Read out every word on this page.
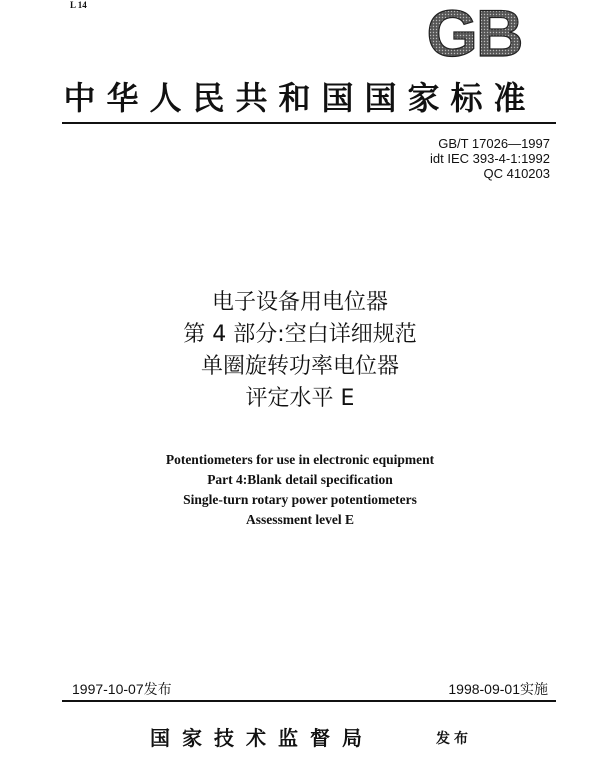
L 14	GB
中华人民共和国国家标准
GB/T 17026—1997
idt IEC 393-4-1:1992
QC 410203
电子设备用电位器
第 4 部分:空白详细规范
单圈旋转功率电位器
评定水平 E
Potentiometers for use in electronic equipment
Part 4:Blank detail specification
Single-turn rotary power potentiometers
Assessment level E
1997-10-07发布	1998-09-01实施
国家技术监督局	发布
